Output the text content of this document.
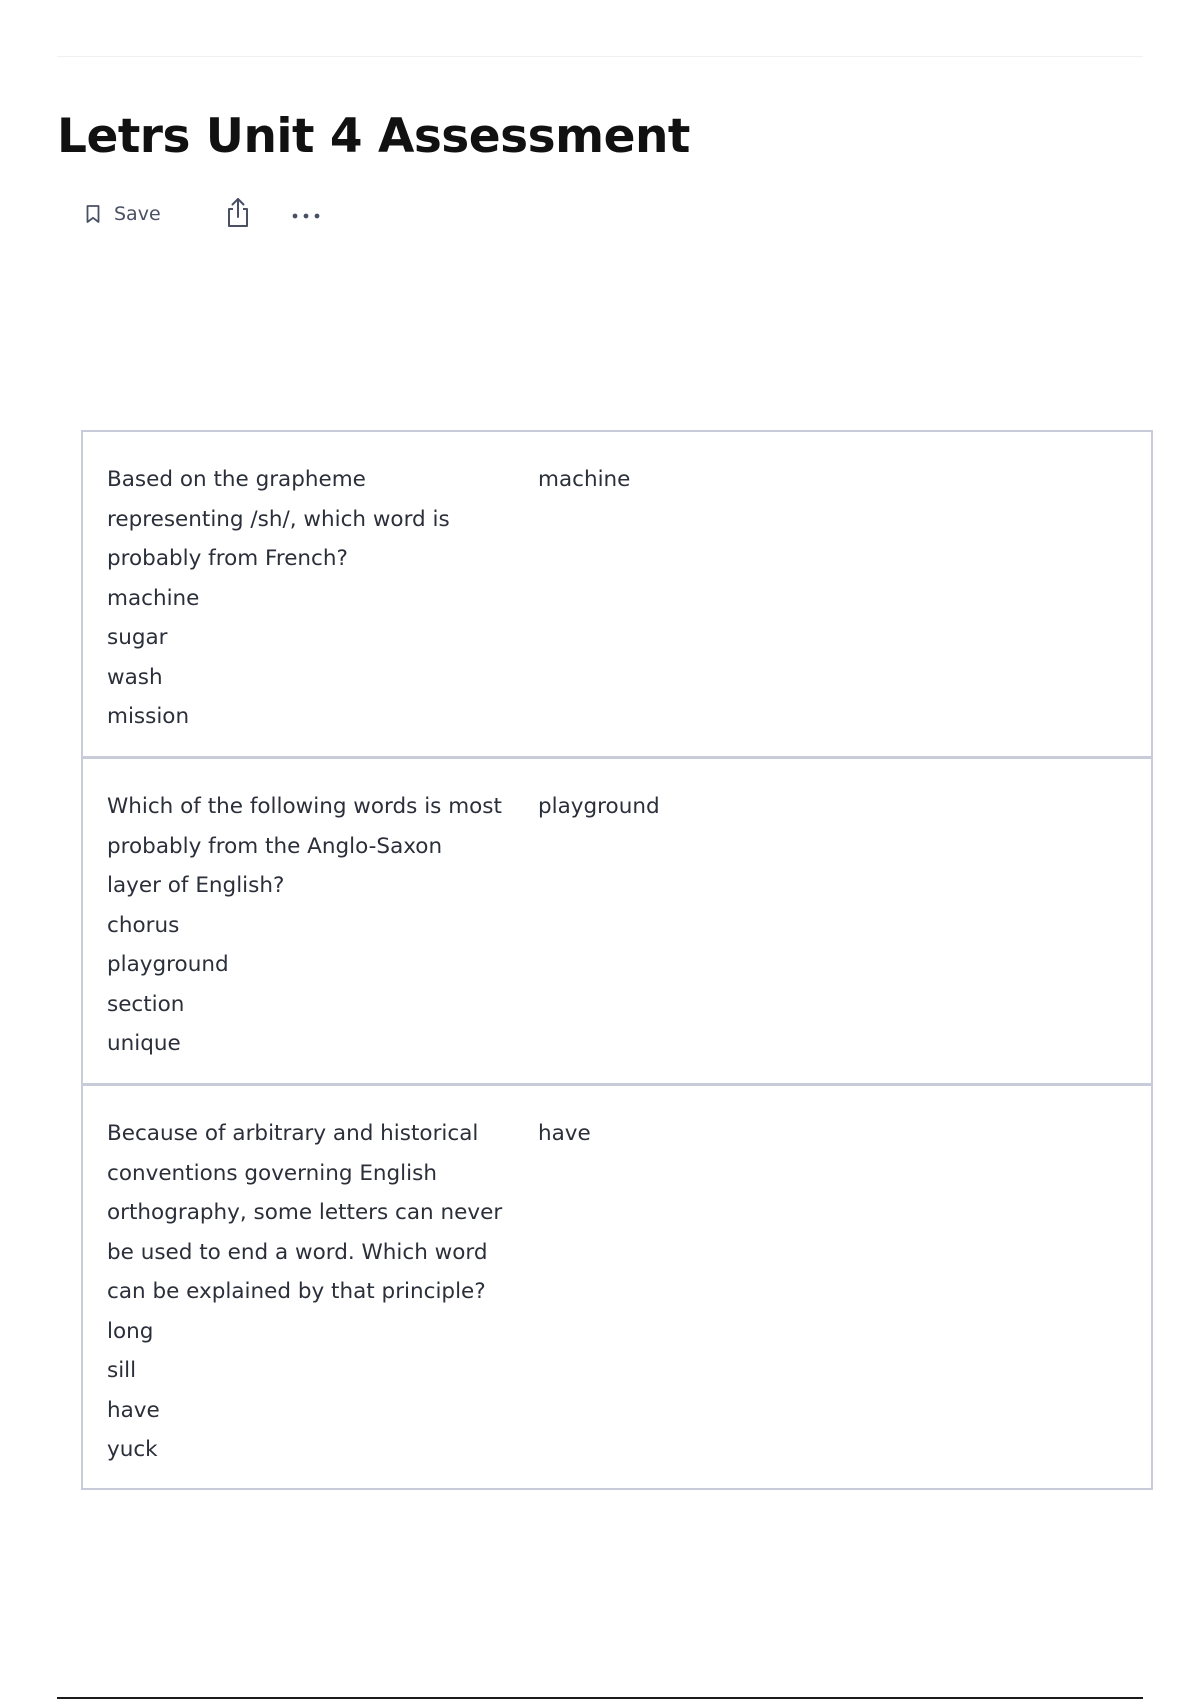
Letrs Unit 4 Assessment
Save
Based on the grapheme
representing /sh/, which word is
probably from French?
machine
sugar
wash
mission
machine
Which of the following words is most
probably from the Anglo-Saxon
layer of English?
chorus
playground
section
unique
playground
Because of arbitrary and historical
conventions governing English
orthography, some letters can never
be used to end a word. Which word
can be explained by that principle?
long
sill
have
yuck
have
